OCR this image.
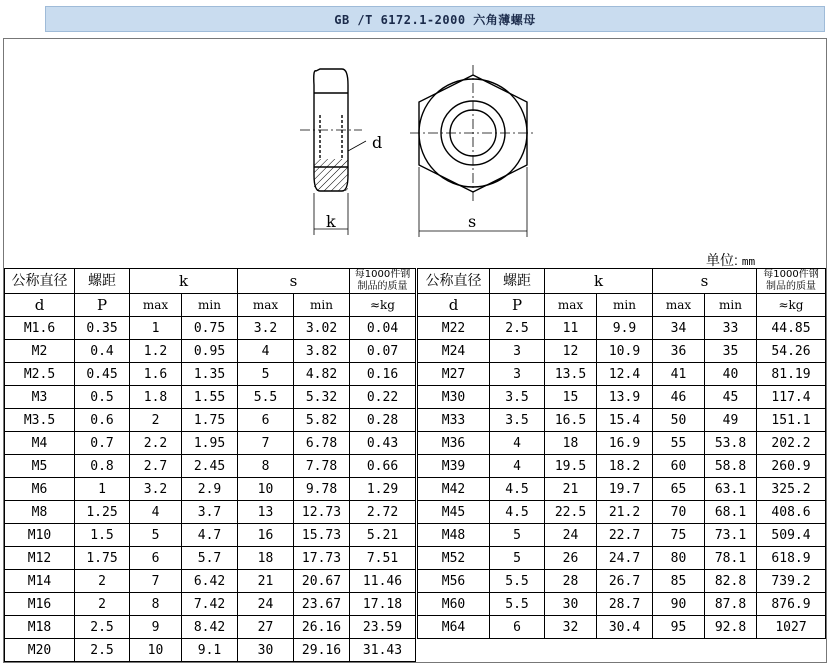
GB /T 6172.1-2000 六角薄螺母
d
k	s
单位: mm
公称直径	螺距	k		s		每1000件钢
制品的质量
d	P	max	min	max	min	≈kg
M1.6	0.35	1	0.75	3.2	3.02	0.04
M2	0.4	1.2	0.95	4	3.82	0.07
M2.5	0.45	1.6	1.35	5	4.82	0.16
M3	0.5	1.8	1.55	5.5	5.32	0.22
M3.5	0.6	2	1.75	6	5.82	0.28
M4	0.7	2.2	1.95	7	6.78	0.43
M5	0.8	2.7	2.45	8	7.78	0.66
M6	1	3.2	2.9	10	9.78	1.29
M8	1.25	4	3.7	13	12.73	2.72
M10	1.5	5	4.7	16	15.73	5.21
M12	1.75	6	5.7	18	17.73	7.51
M14	2	7	6.42	21	20.67	11.46
M16	2	8	7.42	24	23.67	17.18
M18	2.5	9	8.42	27	26.16	23.59
M20	2.5	10	9.1	30	29.16	31.43
公称直径	螺距	k		s		每1000件钢
制品的质量
d	P	max	min	max	min	≈kg
M22	2.5	11	9.9	34	33	44.85
M24	3	12	10.9	36	35	54.26
M27	3	13.5	12.4	41	40	81.19
M30	3.5	15	13.9	46	45	117.4
M33	3.5	16.5	15.4	50	49	151.1
M36	4	18	16.9	55	53.8	202.2
M39	4	19.5	18.2	60	58.8	260.9
M42	4.5	21	19.7	65	63.1	325.2
M45	4.5	22.5	21.2	70	68.1	408.6
M48	5	24	22.7	75	73.1	509.4
M52	5	26	24.7	80	78.1	618.9
M56	5.5	28	26.7	85	82.8	739.2
M60	5.5	30	28.7	90	87.8	876.9
M64	6	32	30.4	95	92.8	1027
